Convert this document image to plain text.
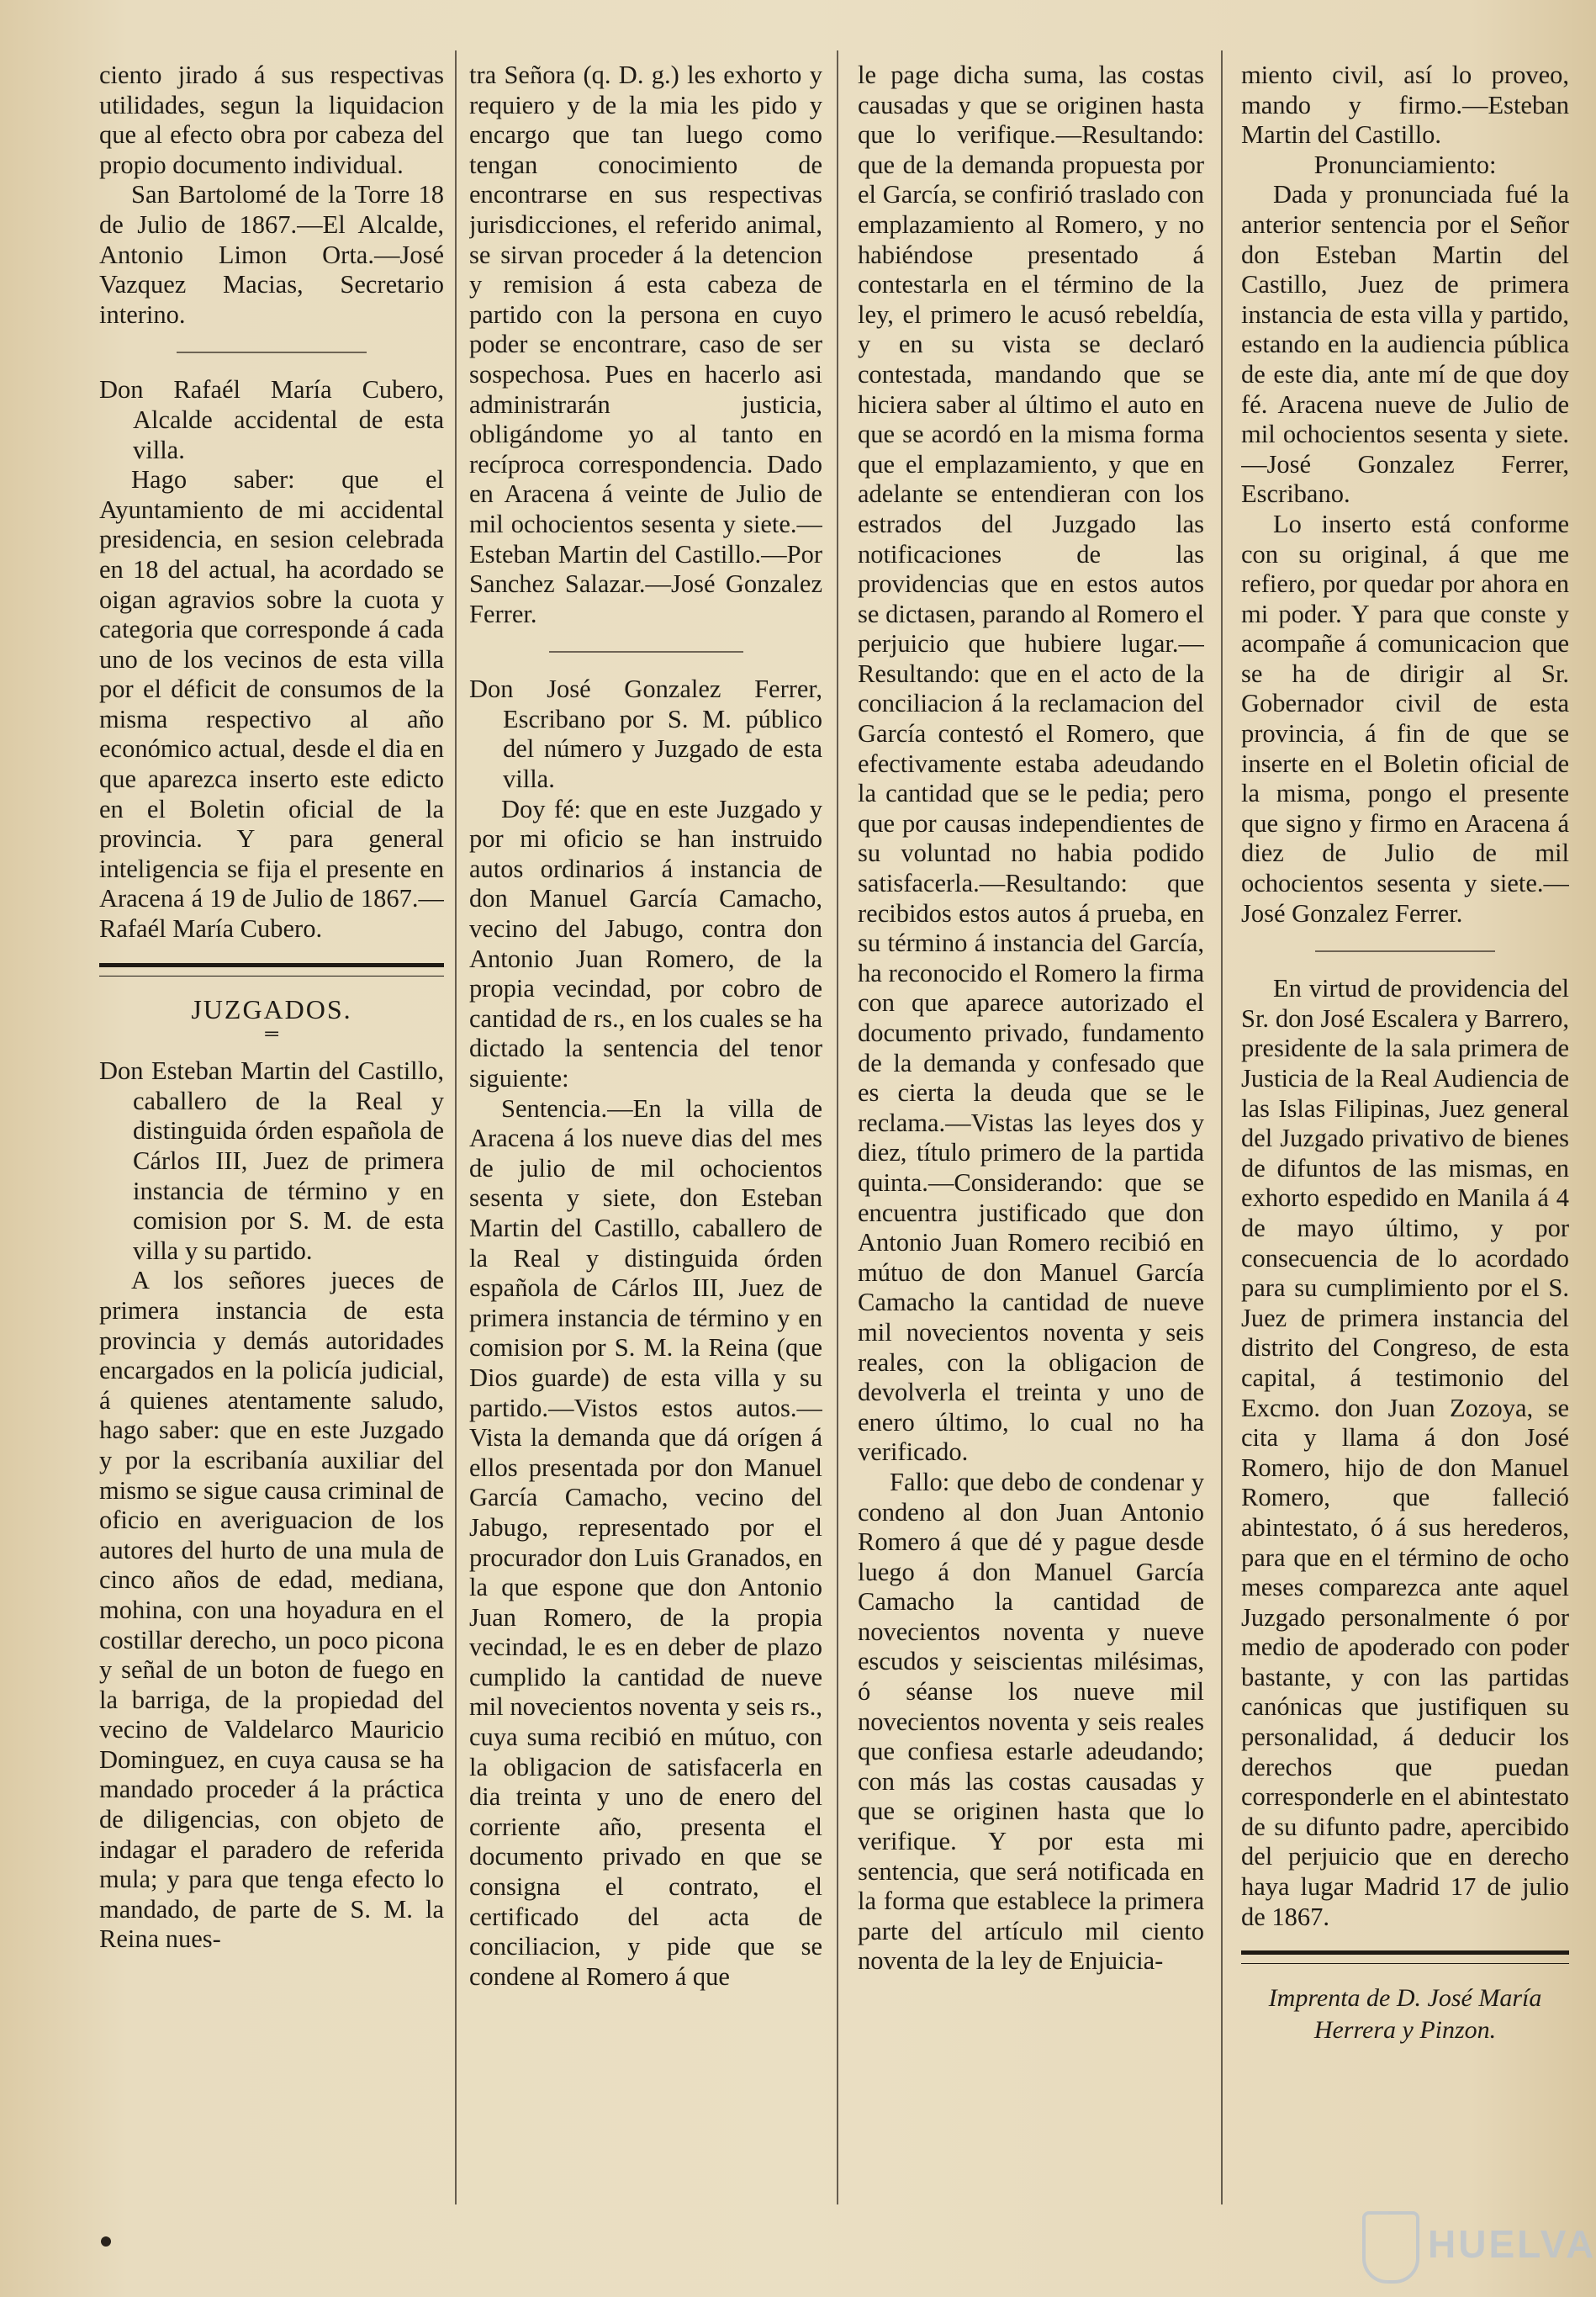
ciento jirado á sus respectivas utilidades, segun la liquidacion que al efecto obra por cabeza del propio documento individual.

San Bartolomé de la Torre 18 de Julio de 1867.—El Alcalde, Antonio Limon Orta.—José Vazquez Macias, Secretario interino.

Don Rafaél María Cubero, Alcalde accidental de esta villa.

Hago saber: que el Ayuntamiento de mi accidental presidencia, en sesion celebrada en 18 del actual, ha acordado se oigan agravios sobre la cuota y categoria que corresponde á cada uno de los vecinos de esta villa por el déficit de consumos de la misma respectivo al año económico actual, desde el dia en que aparezca inserto este edicto en el Boletin oficial de la provincia. Y para general inteligencia se fija el presente en Aracena á 19 de Julio de 1867.—Rafaél María Cubero.

JUZGADOS.
═

Don Esteban Martin del Castillo, caballero de la Real y distinguida órden española de Cárlos III, Juez de primera instancia de término y en comision por S. M. de esta villa y su partido.

A los señores jueces de primera instancia de esta provincia y demás autoridades encargados en la policía judicial, á quienes atentamente saludo, hago saber: que en este Juzgado y por la escribanía auxiliar del mismo se sigue causa criminal de oficio en averiguacion de los autores del hurto de una mula de cinco años de edad, mediana, mohina, con una hoyadura en el costillar derecho, un poco picona y señal de un boton de fuego en la barriga, de la propiedad del vecino de Valdelarco Mauricio Dominguez, en cuya causa se ha mandado proceder á la práctica de diligencias, con objeto de indagar el paradero de referida mula; y para que tenga efecto lo mandado, de parte de S. M. la Reina nues-

tra Señora (q. D. g.) les exhorto y requiero y de la mia les pido y encargo que tan luego como tengan conocimiento de encontrarse en sus respectivas jurisdicciones, el referido animal, se sirvan proceder á la detencion y remision á esta cabeza de partido con la persona en cuyo poder se encontrare, caso de ser sospechosa. Pues en hacerlo asi administrarán justicia, obligándome yo al tanto en recíproca correspondencia. Dado en Aracena á veinte de Julio de mil ochocientos sesenta y siete.—Esteban Martin del Castillo.—Por Sanchez Salazar.—José Gonzalez Ferrer.

Don José Gonzalez Ferrer, Escribano por S. M. público del número y Juzgado de esta villa.

Doy fé: que en este Juzgado y por mi oficio se han instruido autos ordinarios á instancia de don Manuel García Camacho, vecino del Jabugo, contra don Antonio Juan Romero, de la propia vecindad, por cobro de cantidad de rs., en los cuales se ha dictado la sentencia del tenor siguiente:

Sentencia.—En la villa de Aracena á los nueve dias del mes de julio de mil ochocientos sesenta y siete, don Esteban Martin del Castillo, caballero de la Real y distinguida órden española de Cárlos III, Juez de primera instancia de término y en comision por S. M. la Reina (que Dios guarde) de esta villa y su partido.—Vistos estos autos.—Vista la demanda que dá orígen á ellos presentada por don Manuel García Camacho, vecino del Jabugo, representado por el procurador don Luis Granados, en la que espone que don Antonio Juan Romero, de la propia vecindad, le es en deber de plazo cumplido la cantidad de nueve mil novecientos noventa y seis rs., cuya suma recibió en mútuo, con la obligacion de satisfacerla en dia treinta y uno de enero del corriente año, presenta el documento privado en que se consigna el contrato, el certificado del acta de conciliacion, y pide que se condene al Romero á que

le page dicha suma, las costas causadas y que se originen hasta que lo verifique.—Resultando: que de la demanda propuesta por el García, se confirió traslado con emplazamiento al Romero, y no habiéndose presentado á contestarla en el término de la ley, el primero le acusó rebeldía, y en su vista se declaró contestada, mandando que se hiciera saber al último el auto en que se acordó en la misma forma que el emplazamiento, y que en adelante se entendieran con los estrados del Juzgado las notificaciones de las providencias que en estos autos se dictasen, parando al Romero el perjuicio que hubiere lugar.—Resultando: que en el acto de la conciliacion á la reclamacion del García contestó el Romero, que efectivamente estaba adeudando la cantidad que se le pedia; pero que por causas independientes de su voluntad no habia podido satisfacerla.—Resultando: que recibidos estos autos á prueba, en su término á instancia del García, ha reconocido el Romero la firma con que aparece autorizado el documento privado, fundamento de la demanda y confesado que es cierta la deuda que se le reclama.—Vistas las leyes dos y diez, título primero de la partida quinta.—Considerando: que se encuentra justificado que don Antonio Juan Romero recibió en mútuo de don Manuel García Camacho la cantidad de nueve mil novecientos noventa y seis reales, con la obligacion de devolverla el treinta y uno de enero último, lo cual no ha verificado.

Fallo: que debo de condenar y condeno al don Juan Antonio Romero á que dé y pague desde luego á don Manuel García Camacho la cantidad de novecientos noventa y nueve escudos y seiscientas milésimas, ó séanse los nueve mil novecientos noventa y seis reales que confiesa estarle adeudando; con más las costas causadas y que se originen hasta que lo verifique. Y por esta mi sentencia, que será notificada en la forma que establece la primera parte del artículo mil ciento noventa de la ley de Enjuicia-

miento civil, así lo proveo, mando y firmo.—Esteban Martin del Castillo.

Pronunciamiento:

Dada y pronunciada fué la anterior sentencia por el Señor don Esteban Martin del Castillo, Juez de primera instancia de esta villa y partido, estando en la audiencia pública de este dia, ante mí de que doy fé. Aracena nueve de Julio de mil ochocientos sesenta y siete.—José Gonzalez Ferrer, Escribano.

Lo inserto está conforme con su original, á que me refiero, por quedar por ahora en mi poder. Y para que conste y acompañe á comunicacion que se ha de dirigir al Sr. Gobernador civil de esta provincia, á fin de que se inserte en el Boletin oficial de la misma, pongo el presente que signo y firmo en Aracena á diez de Julio de mil ochocientos sesenta y siete.—José Gonzalez Ferrer.

En virtud de providencia del Sr. don José Escalera y Barrero, presidente de la sala primera de Justicia de la Real Audiencia de las Islas Filipinas, Juez general del Juzgado privativo de bienes de difuntos de las mismas, en exhorto espedido en Manila á 4 de mayo último, y por consecuencia de lo acordado para su cumplimiento por el S. Juez de primera instancia del distrito del Congreso, de esta capital, á testimonio del Excmo. don Juan Zozoya, se cita y llama á don José Romero, hijo de don Manuel Romero, que falleció abintestato, ó á sus herederos, para que en el término de ocho meses comparezca ante aquel Juzgado personalmente ó por medio de apoderado con poder bastante, y con las partidas canónicas que justifiquen su personalidad, á deducir los derechos que puedan corresponderle en el abintestato de su difunto padre, apercibido del perjuicio que en derecho haya lugar Madrid 17 de julio de 1867.

Imprenta de D. José María
Herrera y Pinzon.
HUELVA
